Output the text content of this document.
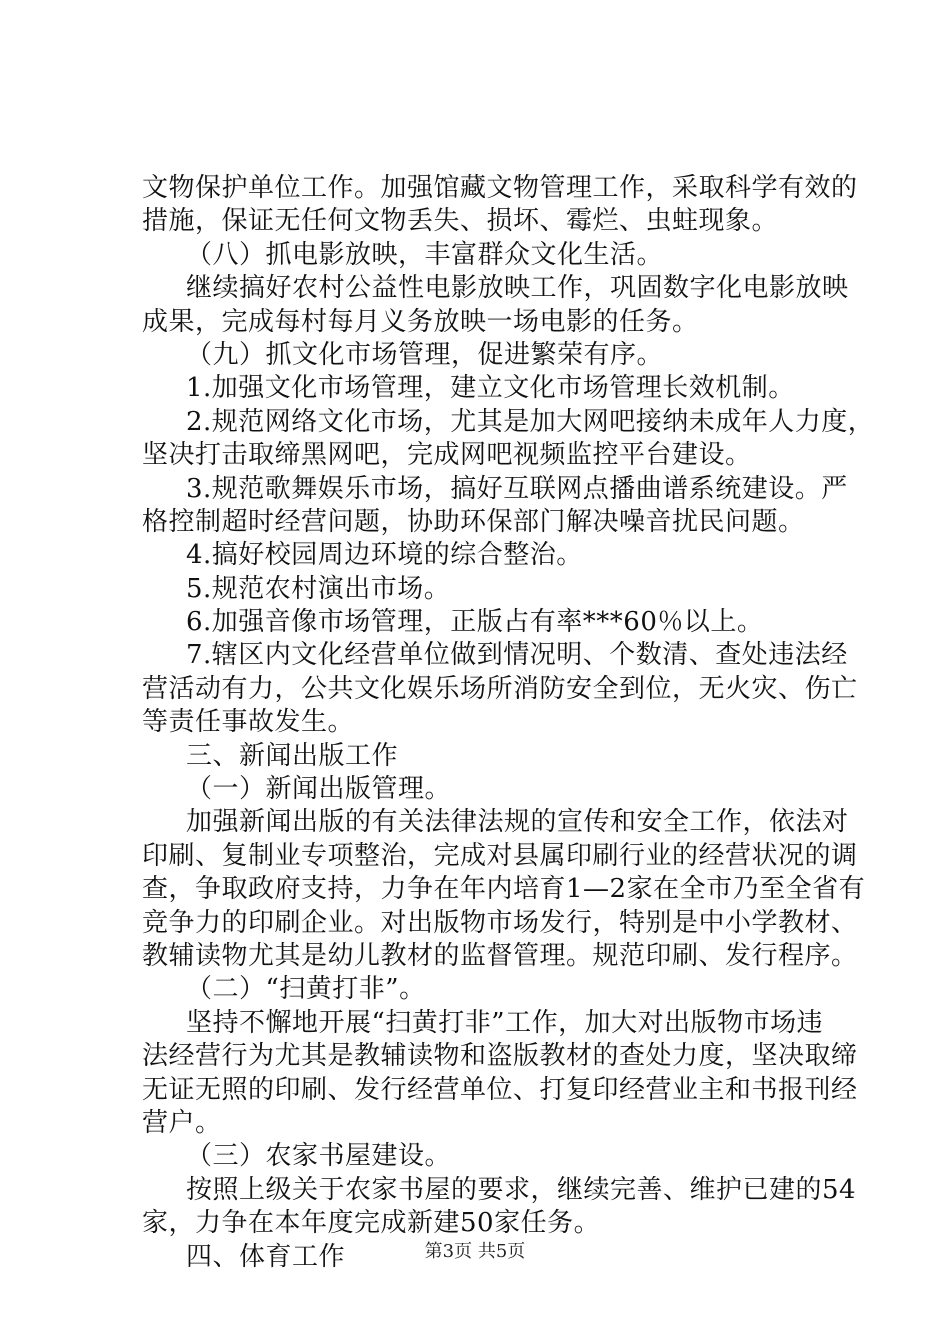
文物保护单位工作。加强馆藏文物管理工作，采取科学有效的
措施，保证无任何文物丢失、损坏、霉烂、虫蛀现象。
（八）抓电影放映，丰富群众文化生活。
继续搞好农村公益性电影放映工作，巩固数字化电影放映
成果，完成每村每月义务放映一场电影的任务。
（九）抓文化市场管理，促进繁荣有序。
1.加强文化市场管理，建立文化市场管理长效机制。
2.规范网络文化市场，尤其是加大网吧接纳未成年人力度，
坚决打击取缔黑网吧，完成网吧视频监控平台建设。
3.规范歌舞娱乐市场，搞好互联网点播曲谱系统建设。严
格控制超时经营问题，协助环保部门解决噪音扰民问题。
4.搞好校园周边环境的综合整治。
5.规范农村演出市场。
6.加强音像市场管理，正版占有率***60％以上。
7.辖区内文化经营单位做到情况明、个数清、查处违法经
营活动有力，公共文化娱乐场所消防安全到位，无火灾、伤亡
等责任事故发生。
三、新闻出版工作
（一）新闻出版管理。
加强新闻出版的有关法律法规的宣传和安全工作，依法对
印刷、复制业专项整治，完成对县属印刷行业的经营状况的调
查，争取政府支持，力争在年内培育1—2家在全市乃至全省有
竞争力的印刷企业。对出版物市场发行，特别是中小学教材、
教辅读物尤其是幼儿教材的监督管理。规范印刷、发行程序。
（二）“扫黄打非”。
坚持不懈地开展“扫黄打非”工作，加大对出版物市场违
法经营行为尤其是教辅读物和盗版教材的查处力度，坚决取缔
无证无照的印刷、发行经营单位、打复印经营业主和书报刊经
营户。
（三）农家书屋建设。
按照上级关于农家书屋的要求，继续完善、维护已建的54
家，力争在本年度完成新建50家任务。
四、体育工作	第3页 共5页
